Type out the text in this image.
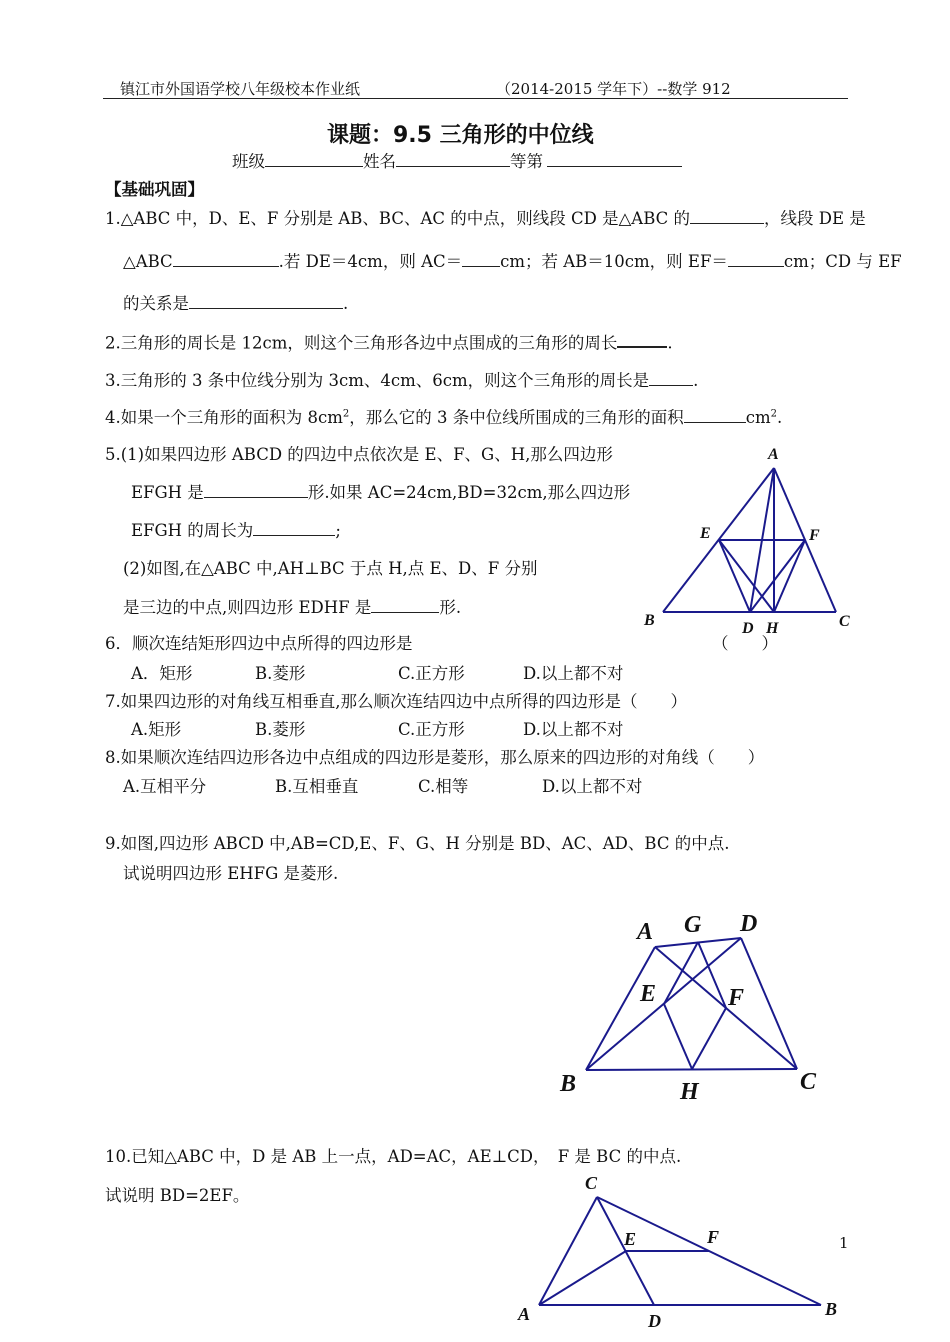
镇江市外国语学校八年级校本作业纸	（2014-2015 学年下）--数学 912
课题：9.5 三角形的中位线
班级	姓名	等第
【基础巩固】
1.△ABC 中，D、E、F 分别是 AB、BC、AC 的中点，则线段 CD 是△ABC 的	，线段 DE 是
△ABC	.若 DE＝4cm，则 AC＝ cm；若 AB＝10cm，则 EF＝	cm；CD 与 EF
的关系是	.
2.三角形的周长是 12cm，则这个三角形各边中点围成的三角形的周长	.
3.三角形的 3 条中位线分别为 3cm、4cm、6cm，则这个三角形的周长是	.
4.如果一个三角形的面积为 $8cm^2$，那么它的 3 条中位线所围成的三角形的面积	$cm^2$.
5.(1)如果四边形 ABCD 的四边中点依次是 E、F、G、H,那么四边形
EFGH 是	形.如果 AC=24cm,BD=32cm,那么四边形
EFGH 的周长为	;
(2)如图,在△ABC 中,AH⊥BC 于点 H,点 E、D、F 分别
是三边的中点,则四边形 EDHF 是	形.
A
B	C
E	F
D H
6．顺次连结矩形四边中点所得的四边形是	（　　）
A．矩形	B.菱形	C.正方形	D.以上都不对
7.如果四边形的对角线互相垂直,那么顺次连结四边中点所得的四边形是（　　）
A.矩形	B.菱形	C.正方形	D.以上都不对
8.如果顺次连结四边形各边中点组成的四边形是菱形，那么原来的四边形的对角线（　　）
A.互相平分	B.互相垂直	C.相等	D.以上都不对
9.如图,四边形 ABCD 中,AB=CD,E、F、G、H 分别是 BD、AC、AD、BC 的中点.
试说明四边形 EHFG 是菱形.
A G D
E	F
B	H	C
10.已知△ABC 中，D 是 AB 上一点，AD=AC，AE⊥CD，　F 是 BC 的中点.
试说明 BD=2EF。
C
E	F
A	D
B
1
